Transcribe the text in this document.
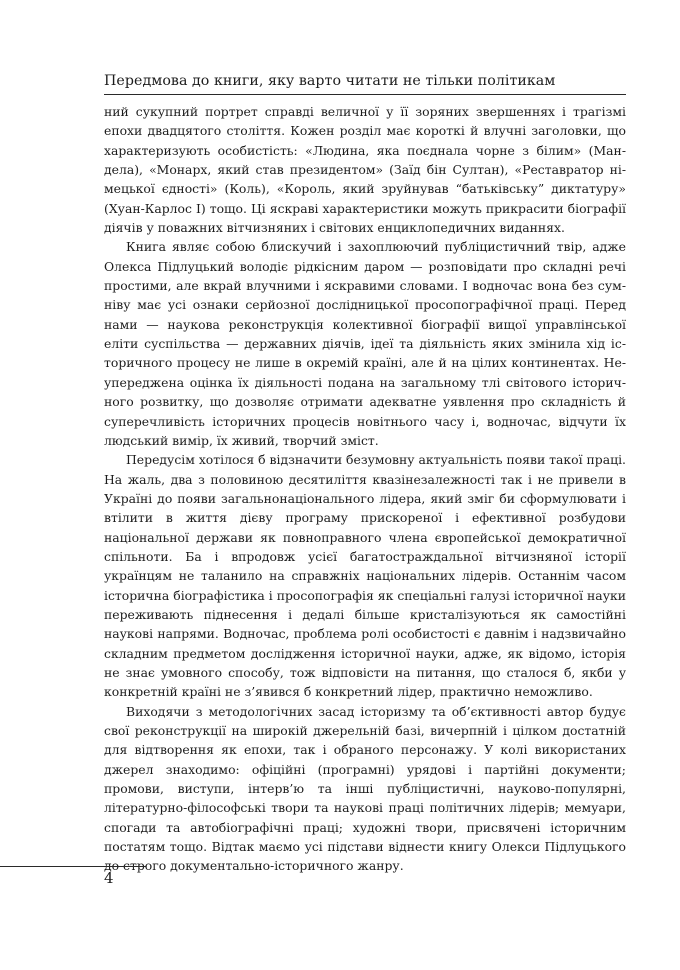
Передмова до книги, яку варто читати не тільки політикам

ний сукупний портрет справді величної у її зоряних звершеннях і трагізмі епохи двадцятого століття. Кожен розділ має короткі й влучні заголовки, що характеризують особистість: «Людина, яка поєднала чорне з білим» (Мандела), «Монарх, який став президентом» (Заїд бін Султан), «Реставратор німецької єдності» (Коль), «Король, який зруйнував “батьківську” диктатуру» (Хуан-Карлос І) тощо. Ці яскраві характеристики можуть прикрасити біографії діячів у поважних вітчизняних і світових енциклопедичних виданнях.

Книга являє собою блискучий і захоплюючий публіцистичний твір, адже Олекса Підлуцький володіє рідкісним даром — розповідати про складні речі простими, але вкрай влучними і яскравими словами. І водночас вона без сумніву має усі ознаки серйозної дослідницької просопографічної праці. Перед нами — наукова реконструкція колективної біографії вищої управлінської еліти суспільства — державних діячів, ідеї та діяльність яких змінила хід історичного процесу не лише в окремій країні, але й на цілих континентах. Неупереджена оцінка їх діяльності подана на загальному тлі світового історичного розвитку, що дозволяє отримати адекватне уявлення про складність й суперечливість історичних процесів новітнього часу і, водночас, відчути їх людський вимір, їх живий, творчий зміст.

Передусім хотілося б відзначити безумовну актуальність появи такої праці. На жаль, два з половиною десятиліття квазінезалежності так і не привели в Україні до появи загальнонаціонального лідера, який зміг би сформулювати і втілити в життя дієву програму прискореної і ефективної розбудови національної держави як повноправного члена європейської демократичної спільноти. Ба і впродовж усієї багатостраждальної вітчизняної історії українцям не таланило на справжніх національних лідерів. Останнім часом історична біографістика і просопографія як спеціальні галузі історичної науки переживають піднесення і дедалі більше кристалізуються як самостійні наукові напрями. Водночас, проблема ролі особистості є давнім і надзвичайно складним предметом дослідження історичної науки, адже, як відомо, історія не знає умовного способу, тож відповісти на питання, що сталося б, якби у конкретній країні не з’явився б конкретний лідер, практично неможливо.

Виходячи з методологічних засад історизму та об’єктивності автор будує свої реконструкції на широкій джерельній базі, вичерпній і цілком достатній для відтворення як епохи, так і обраного персонажу. У колі використаних джерел знаходимо: офіційні (програмні) урядові і партійні документи; промови, виступи, інтерв’ю та інші публіцистичні, науково-популярні, літературно-філософські твори та наукові праці політичних лідерів; мемуари, спогади та автобіографічні праці; художні твори, присвячені історичним постатям тощо. Відтак маємо усі підстави віднести книгу Олекси Підлуцького до строго документально-історичного жанру.

4
